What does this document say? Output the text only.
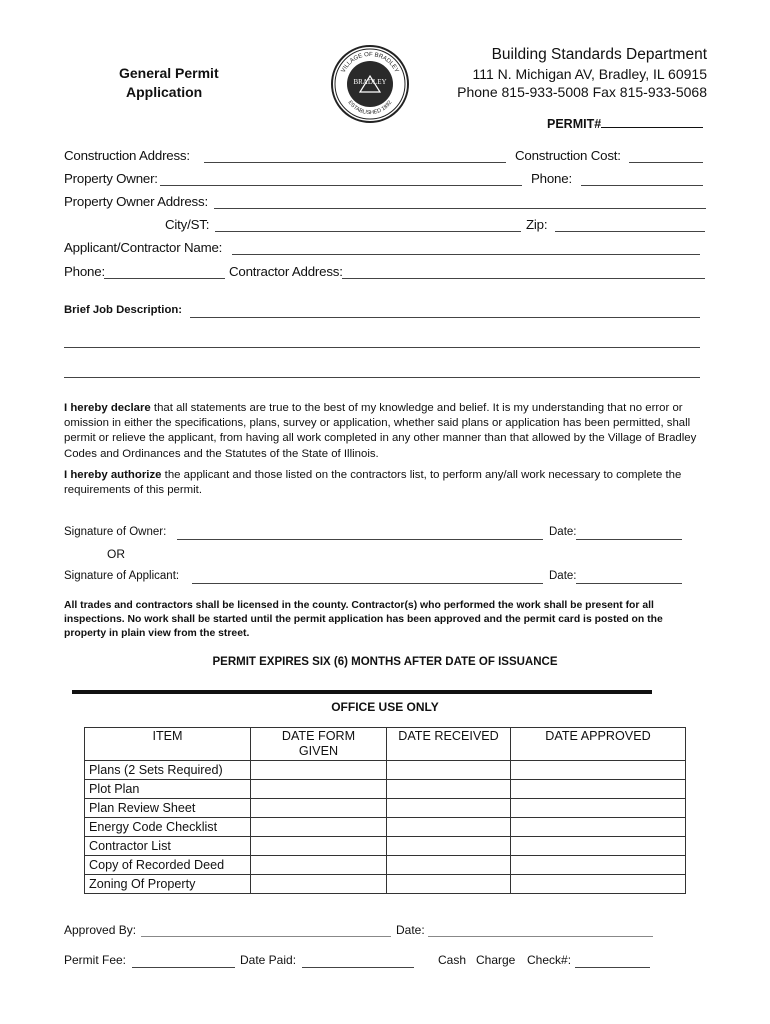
General Permit
Application
VILLAGE OF BRADLEY
ESTABLISHED 1892
BRADLEY
Building Standards Department
111 N. Michigan AV, Bradley, IL 60915
Phone 815-933-5008 Fax 815-933-5068
PERMIT#
Construction Address:	Construction Cost:
Property Owner:	Phone:
Property Owner Address:
City/ST:	Zip:
Applicant/Contractor Name:
Phone:	Contractor Address:
Brief Job Description:
I hereby declare that all statements are true to the best of my knowledge and belief. It is my understanding that no error or omission in either the specifications, plans, survey or application, whether said plans or application has been permitted, shall permit or relieve the applicant, from having all work completed in any other manner than that allowed by the Village of Bradley Codes and Ordinances and the Statutes of the State of Illinois.
I hereby authorize the applicant and those listed on the contractors list, to perform any/all work necessary to complete the requirements of this permit.
Signature of Owner:	Date:
OR
Signature of Applicant:	Date:
All trades and contractors shall be licensed in the county. Contractor(s) who performed the work shall be present for all inspections. No work shall be started until the permit application has been approved and the permit card is posted on the property in plain view from the street.
PERMIT EXPIRES SIX (6) MONTHS AFTER DATE OF ISSUANCE
OFFICE USE ONLY
ITEM	DATE FORM GIVEN	DATE RECEIVED	DATE APPROVED
Plans (2 Sets Required)			
Plot Plan			
Plan Review Sheet			
Energy Code Checklist			
Contractor List			
Copy of Recorded Deed			
Zoning Of Property			
Approved By:	Date:
Permit Fee:	Date Paid:	Cash Charge Check#:
